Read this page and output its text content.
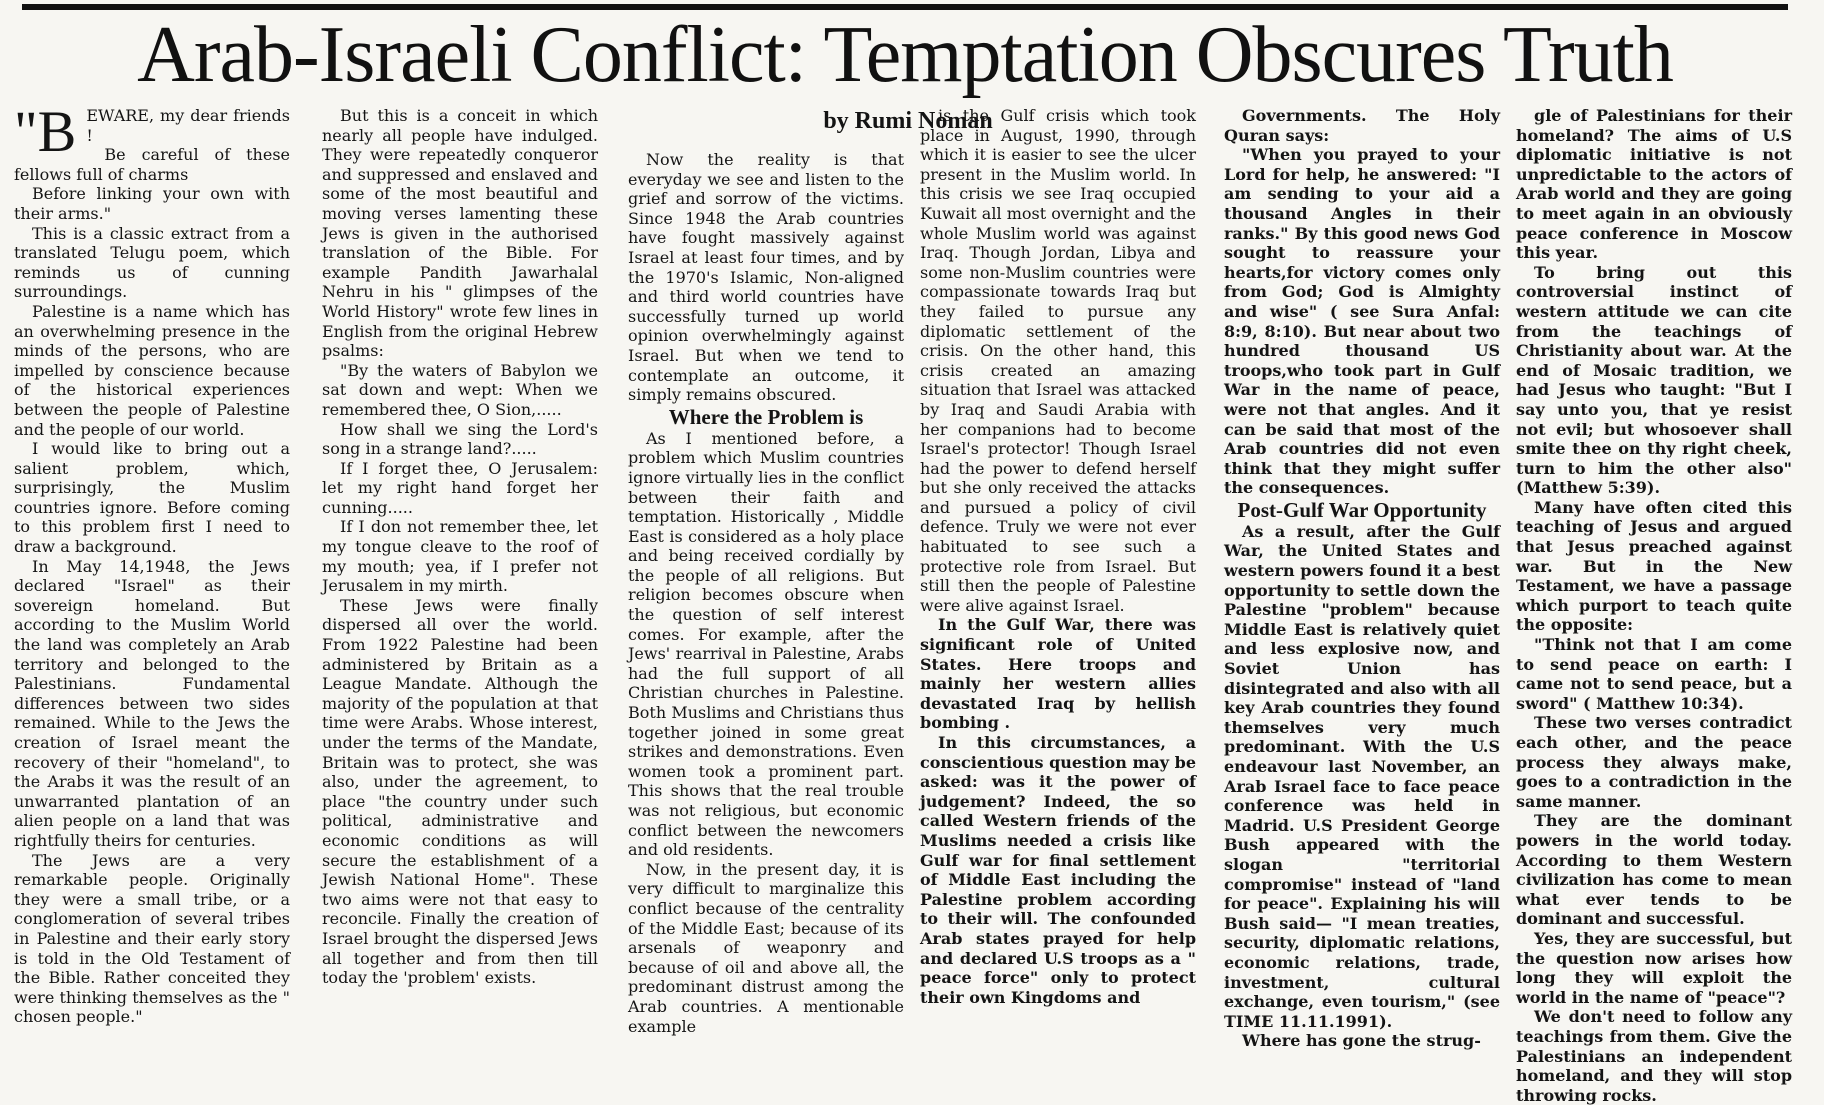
Arab-Israeli Conflict: Temptation Obscures Truth

"BEWARE, my dear friends !

Be careful of these fellows full of charms

Before linking your own with their arms."

This is a classic extract from a translated Telugu poem, which reminds us of cunning surroundings.

Palestine is a name which has an overwhelming presence in the minds of the persons, who are impelled by conscience because of the historical experiences between the people of Palestine and the people of our world.

I would like to bring out a salient problem, which, surprisingly, the Muslim countries ignore. Before coming to this problem first I need to draw a background.

In May 14,1948, the Jews declared "Israel" as their sovereign homeland. But according to the Muslim World the land was completely an Arab territory and belonged to the Palestinians. Fundamental differences between two sides remained. While to the Jews the creation of Israel meant the recovery of their "homeland", to the Arabs it was the result of an unwarranted plantation of an alien people on a land that was rightfully theirs for centuries.

The Jews are a very remarkable people. Originally they were a small tribe, or a conglomeration of several tribes in Palestine and their early story is told in the Old Testament of the Bible. Rather conceited they were thinking themselves as the " chosen people."

But this is a conceit in which nearly all people have indulged. They were repeatedly conqueror and suppressed and enslaved and some of the most beautiful and moving verses lamenting these Jews is given in the authorised translation of the Bible. For example Pandith Jawarhalal Nehru in his " glimpses of the World History" wrote few lines in English from the original Hebrew psalms:

"By the waters of Babylon we sat down and wept: When we remembered thee, O Sion,.....

How shall we sing the Lord's song in a strange land?.....

If I forget thee, O Jerusalem: let my right hand forget her cunning.....

If I don not remember thee, let my tongue cleave to the roof of my mouth; yea, if I prefer not Jerusalem in my mirth.

These Jews were finally dispersed all over the world. From 1922 Palestine had been administered by Britain as a League Mandate. Although the majority of the population at that time were Arabs. Whose interest, under the terms of the Mandate, Britain was to protect, she was also, under the agreement, to place "the country under such political, administrative and economic conditions as will secure the establishment of a Jewish National Home". These two aims were not that easy to reconcile. Finally the creation of Israel brought the dispersed Jews all together and from then till today the 'problem' exists.

by Rumi Noman

Now the reality is that everyday we see and listen to the grief and sorrow of the victims. Since 1948 the Arab countries have fought massively against Israel at least four times, and by the 1970's Islamic, Non-aligned and third world countries have successfully turned up world opinion overwhelmingly against Israel. But when we tend to contemplate an outcome, it simply remains obscured.

Where the Problem is

As I mentioned before, a problem which Muslim countries ignore virtually lies in the conflict between their faith and temptation. Historically , Middle East is considered as a holy place and being received cordially by the people of all religions. But religion becomes obscure when the question of self interest comes. For example, after the Jews' rearrival in Palestine, Arabs had the full support of all Christian churches in Palestine. Both Muslims and Christians thus together joined in some great strikes and demonstrations. Even women took a prominent part. This shows that the real trouble was not religious, but economic conflict between the newcomers and old residents.

Now, in the present day, it is very difficult to marginalize this conflict because of the centrality of the Middle East; because of its arsenals of weaponry and because of oil and above all, the predominant distrust among the Arab countries. A mentionable example

is the Gulf crisis which took place in August, 1990, through which it is easier to see the ulcer present in the Muslim world. In this crisis we see Iraq occupied Kuwait all most overnight and the whole Muslim world was against Iraq. Though Jordan, Libya and some non-Muslim countries were compassionate towards Iraq but they failed to pursue any diplomatic settlement of the crisis. On the other hand, this crisis created an amazing situation that Israel was attacked by Iraq and Saudi Arabia with her companions had to become Israel's protector! Though Israel had the power to defend herself but she only received the attacks and pursued a policy of civil defence. Truly we were not ever habituated to see such a protective role from Israel. But still then the people of Palestine were alive against Israel.

In the Gulf War, there was significant role of United States. Here troops and mainly her western allies devastated Iraq by hellish bombing .

In this circumstances, a conscientious question may be asked: was it the power of judgement? Indeed, the so called Western friends of the Muslims needed a crisis like Gulf war for final settlement of Middle East including the Palestine problem according to their will. The confounded Arab states prayed for help and declared U.S troops as a " peace force" only to protect their own Kingdoms and

Governments. The Holy Quran says:

"When you prayed to your Lord for help, he answered: "I am sending to your aid a thousand Angles in their ranks." By this good news God sought to reassure your hearts,for victory comes only from God; God is Almighty and wise" ( see Sura Anfal: 8:9, 8:10). But near about two hundred thousand US troops,who took part in Gulf War in the name of peace, were not that angles. And it can be said that most of the Arab countries did not even think that they might suffer the consequences.

Post-Gulf War Opportunity

As a result, after the Gulf War, the United States and western powers found it a best opportunity to settle down the Palestine "problem" because Middle East is relatively quiet and less explosive now, and Soviet Union has disintegrated and also with all key Arab countries they found themselves very much predominant. With the U.S endeavour last November, an Arab Israel face to face peace conference was held in Madrid. U.S President George Bush appeared with the slogan "territorial compromise" instead of "land for peace". Explaining his will Bush said— "I mean treaties, security, diplomatic relations, economic relations, trade, investment, cultural exchange, even tourism," (see TIME 11.11.1991).

Where has gone the strug-

gle of Palestinians for their homeland? The aims of U.S diplomatic initiative is not unpredictable to the actors of Arab world and they are going to meet again in an obviously peace conference in Moscow this year.

To bring out this controversial instinct of western attitude we can cite from the teachings of Christianity about war. At the end of Mosaic tradition, we had Jesus who taught: "But I say unto you, that ye resist not evil; but whosoever shall smite thee on thy right cheek, turn to him the other also"(Matthew 5:39).

Many have often cited this teaching of Jesus and argued that Jesus preached against war. But in the New Testament, we have a passage which purport to teach quite the opposite:

"Think not that I am come to send peace on earth: I came not to send peace, but a sword" ( Matthew 10:34).

These two verses contradict each other, and the peace process they always make, goes to a contradiction in the same manner.

They are the dominant powers in the world today. According to them Western civilization has come to mean what ever tends to be dominant and successful.

Yes, they are successful, but the question now arises how long they will exploit the world in the name of "peace"?

We don't need to follow any teachings from them. Give the Palestinians an independent homeland, and they will stop throwing rocks.
